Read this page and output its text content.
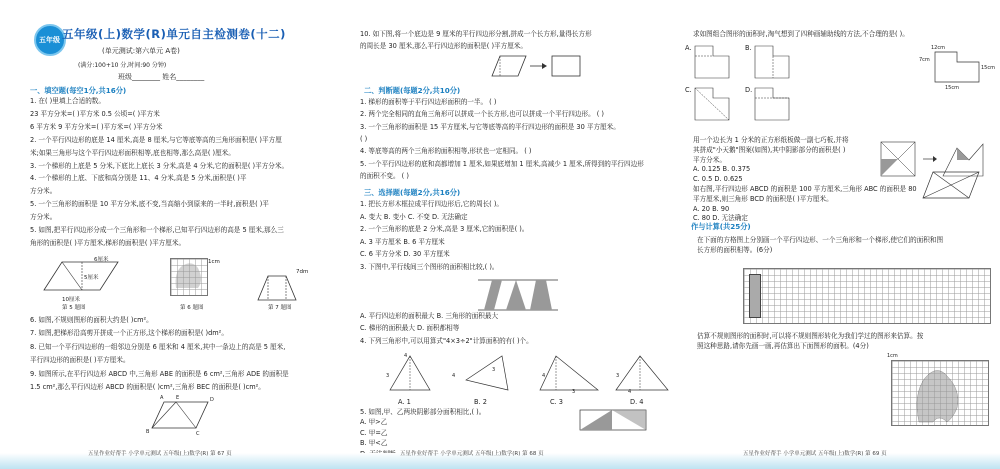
五年级 五年级(上)数学(R)单元自主检测卷(十二)
(单元测试:第六单元 A卷)
(满分:100+10 分,时间:90 分钟)
班级________ 姓名________
一、填空题(每空1分,共16分)
1. 在( )里填上合适的数。
23 平方分米=( )平方米 0.5 公顷=( )平方米
6 平方米 9 平方分米=( )平方米=( )平方分米
2. 一个平行四边形的底是 14 厘米,高是 8 厘米,与它等底等高的三角形面积是( )平方厘
米;如果三角形与这个平行四边形面积相等,底也相等,那么高是( )厘米。
3. 一个梯形的上底是 5 分米,下底比上底长 3 分米,高是 4 分米,它的面积是( )平方分米。
4. 一个梯形的上底、下底和高分别是 11、4 分米,高是 5 分米,面积是( )平
方分米。
5. 一个三角形的面积是 10 平方分米,底不变,当高缩小到原来的一半时,面积是( )平
方分米。
5. 如图,把平行四边形分成一个三角形和一个梯形,已知平行四边形的高是 5 厘米,那么三
角形的面积是( )平方厘米,梯形的面积是( )平方厘米。
6厘米
5厘米
10厘米
1cm
7dm
第 5 题图	第 6 题图	第 7 题图
6. 如图,不规则图形的面积大约是( )cm²。
7. 如图,把梯形沿高剪开拼成一个正方形,这个梯形的面积是( )dm²。
8. 已知一个平行四边形的一组邻边分别是 6 厘米和 4 厘米,其中一条边上的高是 5 厘米,
平行四边形的面积是( )平方厘米。
9. 如图所示,在平行四边形 ABCD 中,三角形 ABE 的面积是 6 cm²,三角形 ADE 的面积是
1.5 cm²,那么平行四边形 ABCD 的面积是( )cm²,三角形 BEC 的面积是( )cm²。
A	E	D
B	C
五星作业好帮手 小学单元测试 五年级(上)数学(R) 第 67 页
10. 如下图,将一个底边是 9 厘米的平行四边形分割,拼成一个长方形,量得长方形
的周长是 30 厘米,那么平行四边形的面积是( )平方厘米。
二、判断题(每题2分,共10分)
1. 梯形的面积等于平行四边形面积的一半。 ( )
2. 两个完全相同的直角三角形可以拼成一个长方形,也可以拼成一个平行四边形。 ( )
3. 一个三角形的面积是 15 平方厘米,与它等底等高的平行四边形的面积是 30 平方厘米。
( )
4. 等底等高的两个三角形的面积相等,形状也一定相同。 ( )
5. 一个平行四边形的底和高都增加 1 厘米,如果底增加 1 厘米,高减少 1 厘米,所得到的平行四边形
的面积不变。 ( )
三、选择题(每题2分,共16分)
1. 把长方形木框拉成平行四边形后,它的周长( )。
A. 变大 B. 变小 C. 不变 D. 无法确定
2. 一个三角形的底是 2 分米,高是 3 厘米,它的面积是( )。
A. 3 平方厘米 B. 6 平方厘米
C. 6 平方分米 D. 30 平方厘米
3. 下图中,平行线间三个图形的面积相比较,( )。
A. 平行四边形的面积最大 B. 三角形的面积最大
C. 梯形的面积最大 D. 面积都相等
4. 下列三角形中,可以用算式"4×3÷2"计算面积的有( )个。
3
4
4
3
4
3
3
4
A. 1	B. 2	C. 3	D. 4
5. 如图,甲、乙两块阴影部分面积相比,( )。
A. 甲>乙
C. 甲=乙
B. 甲<乙
五星作业好帮手 小学单元测试 五年级(上)数学(R) 第 68 页
求如图组合图形的面积时,淘气想到了四种画辅助线的方法,不合理的是( )。
A.	B.
C.	D.
12cm
7cm
15cm
15cm
用一个边长为 1 分米的正方形纸板做一副七巧板,并将
其拼成"小天鹅"图案(如图),其中阴影部分的面积是( )
平方分米。
A. 0.125 B. 0.375
C. 0.5 D. 0.625
如右图,平行四边形 ABCD 的面积是 100 平方厘米,三角形 ABC 的面积是 80
平方厘米,则三角形 BCD 的面积是( )平方厘米。
A. 20 B. 90
C. 80 D. 无法确定
作与计算(共25分)
在下面的方格图上分别画一个平行四边形、一个三角形和一个梯形,使它们的面积和图
长方形的面积相等。(6分)
估算不规则图形的面积时,可以将不规则图形转化为我们学过的图形来估算。按
照这种思路,请你先画一画,再估算出下面图形的面积。(4分)
1cm
五星作业好帮手 小学单元测试 五年级(上)数学(R) 第 69 页
